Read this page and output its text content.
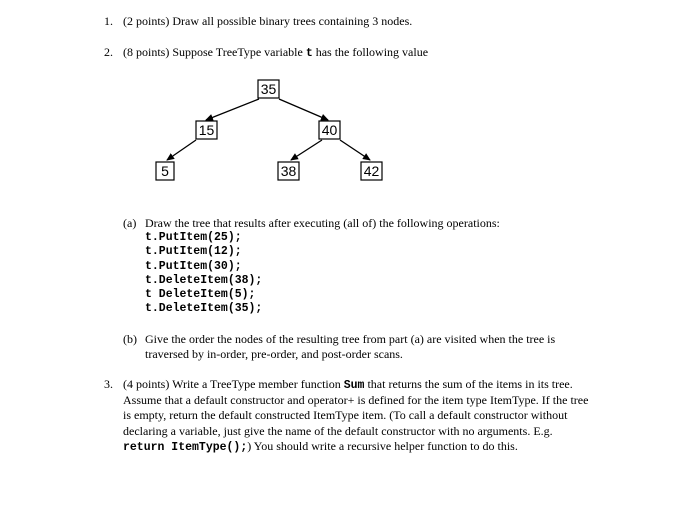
1. (2 points) Draw all possible binary trees containing 3 nodes.
2. (8 points) Suppose TreeType variable t has the following value
35
15	40
5	38	42
(a) Draw the tree that results after executing (all of) the following operations:
t.PutItem(25);
t.PutItem(12);
t.PutItem(30);
t.DeleteItem(38);
t DeleteItem(5);
t.DeleteItem(35);
(b) Give the order the nodes of the resulting tree from part (a) are visited when the tree is
traversed by in-order, pre-order, and post-order scans.
3. (4 points) Write a TreeType member function Sum that returns the sum of the items in its tree.
Assume that a default constructor and operator+ is defined for the item type ItemType. If the tree
is empty, return the default constructed ItemType item. (To call a default constructor without
declaring a variable, just give the name of the default constructor with no arguments. E.g.
return ItemType();) You should write a recursive helper function to do this.
